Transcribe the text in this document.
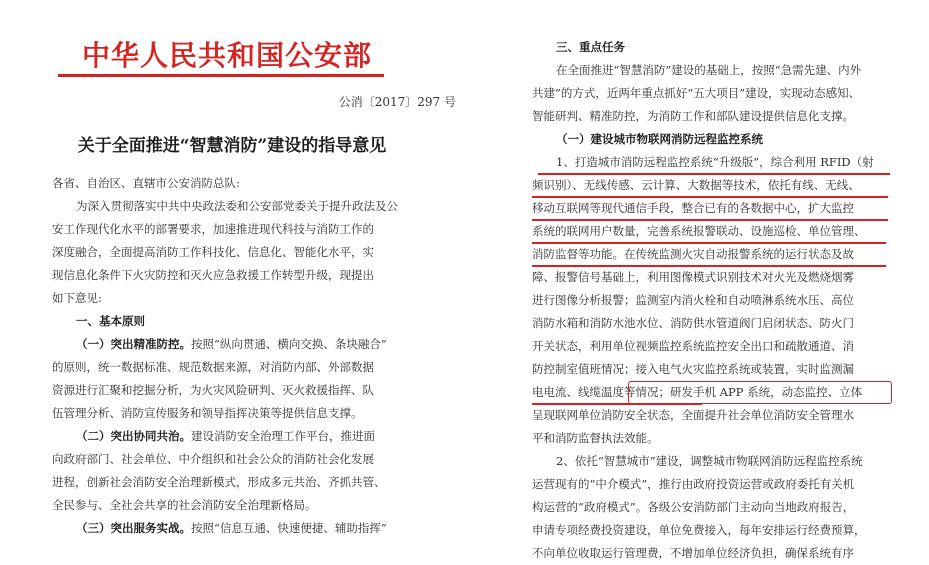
中华人民共和国公安部
公消〔2017〕297 号
关于全面推进“智慧消防”建设的指导意见
各省、自治区、直辖市公安消防总队:
为深入贯彻落实中共中央政法委和公安部党委关于提升政法及公
安工作现代化水平的部署要求，加速推进现代科技与消防工作的
深度融合，全面提高消防工作科技化、信息化、智能化水平，实
现信息化条件下火灾防控和灭火应急救援工作转型升级，现提出
如下意见:
一、基本原则
（一）突出精准防控。按照“纵向贯通、横向交换、条块融合”
的原则，统一数据标准、规范数据来源，对消防内部、外部数据
资源进行汇聚和挖掘分析，为火灾风险研判、灭火救援指挥、队
伍管理分析、消防宣传服务和领导指挥决策等提供信息支撑。
（二）突出协同共治。建设消防安全治理工作平台，推进面
向政府部门、社会单位、中介组织和社会公众的消防社会化发展
进程，创新社会消防安全治理新模式，形成多元共治、齐抓共管、
全民参与、全社会共享的社会消防安全治理新格局。
（三）突出服务实战。按照“信息互通、快速便捷、辅助指挥”
三、重点任务
在全面推进“智慧消防”建设的基础上，按照“急需先建、内外
共建”的方式，近两年重点抓好“五大项目”建设，实现动态感知、
智能研判、精准防控，为消防工作和部队建设提供信息化支撑。
（一）建设城市物联网消防远程监控系统
1、打造城市消防远程监控系统“升级版”，综合利用 RFID（射
频识别）、无线传感、云计算、大数据等技术，依托有线、无线、
移动互联网等现代通信手段，整合已有的各数据中心，扩大监控
系统的联网用户数量，完善系统报警联动、设施巡检、单位管理、
消防监督等功能。在传统监测火灾自动报警系统的运行状态及故
障、报警信号基础上，利用图像模式识别技术对火光及燃烧烟雾
进行图像分析报警；监测室内消火栓和自动喷淋系统水压、高位
消防水箱和消防水池水位、消防供水管道阀门启闭状态、防火门
开关状态，利用单位视频监控系统监控安全出口和疏散通道、消
防控制室值班情况；接入电气火灾监控系统或装置，实时监测漏
电电流、线缆温度等情况；研发手机 APP 系统，动态监控、立体
呈现联网单位消防安全状态，全面提升社会单位消防安全管理水
平和消防监督执法效能。
2、依托“智慧城市”建设，调整城市物联网消防远程监控系统
运营现有的“中介模式”，推行由政府投资运营或政府委托有关机
构运营的“政府模式”。各级公安消防部门主动向当地政府报告，
申请专项经费投资建设，单位免费接入，每年安排运行经费预算，
不向单位收取运行管理费，不增加单位经济负担，确保系统有序
